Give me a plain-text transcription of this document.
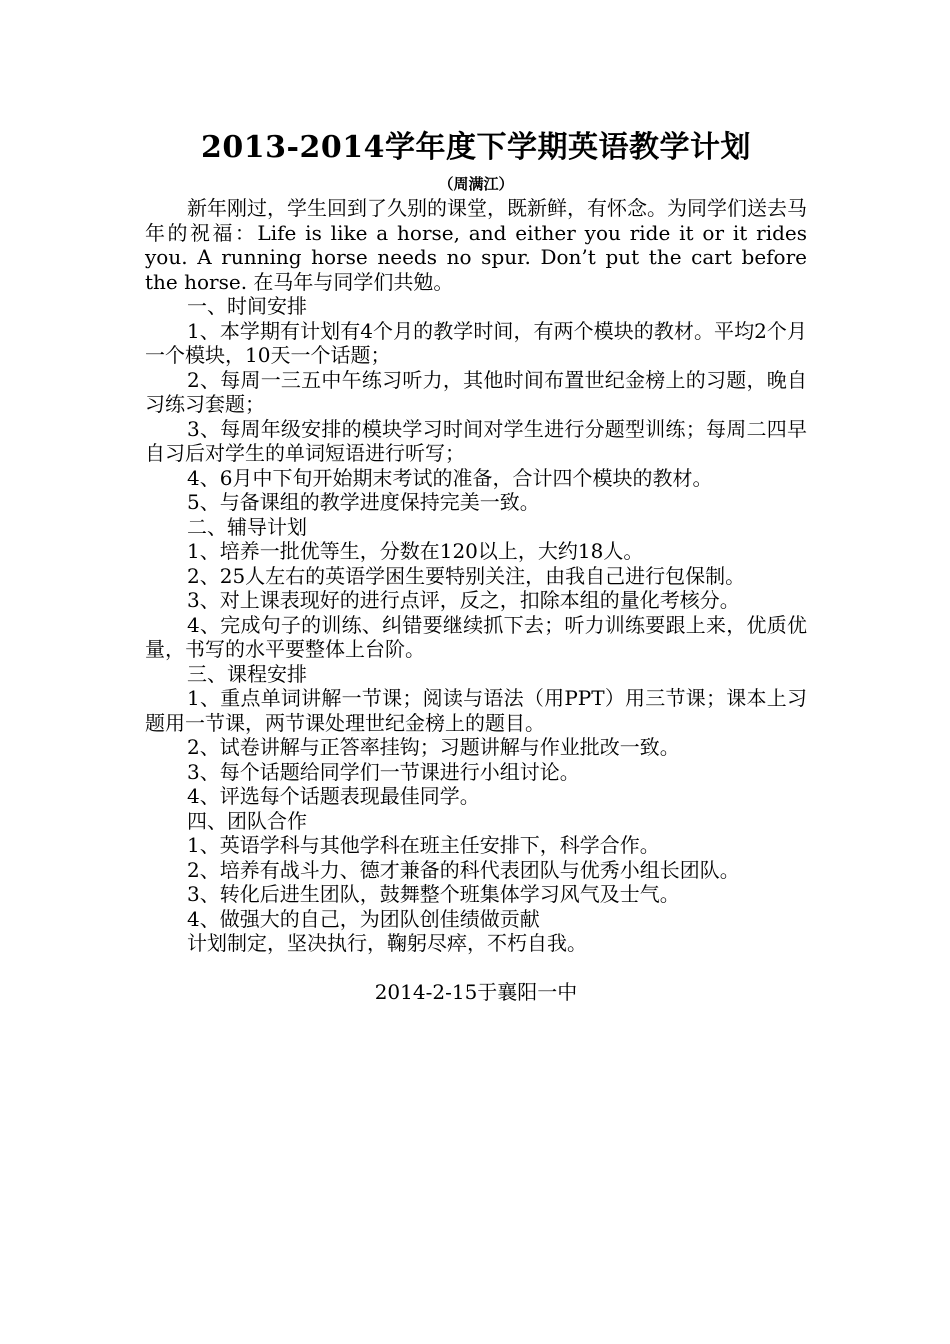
2013-2014学年度下学期英语教学计划
（周满江）

新年刚过，学生回到了久别的课堂，既新鲜，有怀念。为同学们送去马年的祝福：Life is like a horse, and either you ride it or it rides you. A running horse needs no spur. Don’t put the cart before the horse. 在马年与同学们共勉。

一、时间安排

1、本学期有计划有4个月的教学时间，有两个模块的教材。平均2个月一个模块，10天一个话题；

2、每周一三五中午练习听力，其他时间布置世纪金榜上的习题，晚自习练习套题；

3、每周年级安排的模块学习时间对学生进行分题型训练；每周二四早自习后对学生的单词短语进行听写；

4、6月中下旬开始期末考试的准备，合计四个模块的教材。

5、与备课组的教学进度保持完美一致。

二、辅导计划

1、培养一批优等生，分数在120以上，大约18人。

2、25人左右的英语学困生要特别关注，由我自己进行包保制。

3、对上课表现好的进行点评，反之，扣除本组的量化考核分。

4、完成句子的训练、纠错要继续抓下去；听力训练要跟上来，优质优量，书写的水平要整体上台阶。

三、课程安排

1、重点单词讲解一节课；阅读与语法（用PPT）用三节课；课本上习题用一节课，两节课处理世纪金榜上的题目。

2、试卷讲解与正答率挂钩；习题讲解与作业批改一致。

3、每个话题给同学们一节课进行小组讨论。

4、评选每个话题表现最佳同学。

四、团队合作

1、英语学科与其他学科在班主任安排下，科学合作。

2、培养有战斗力、德才兼备的科代表团队与优秀小组长团队。

3、转化后进生团队，鼓舞整个班集体学习风气及士气。

4、做强大的自己，为团队创佳绩做贡献

计划制定，坚决执行，鞠躬尽瘁，不朽自我。

2014-2-15于襄阳一中
